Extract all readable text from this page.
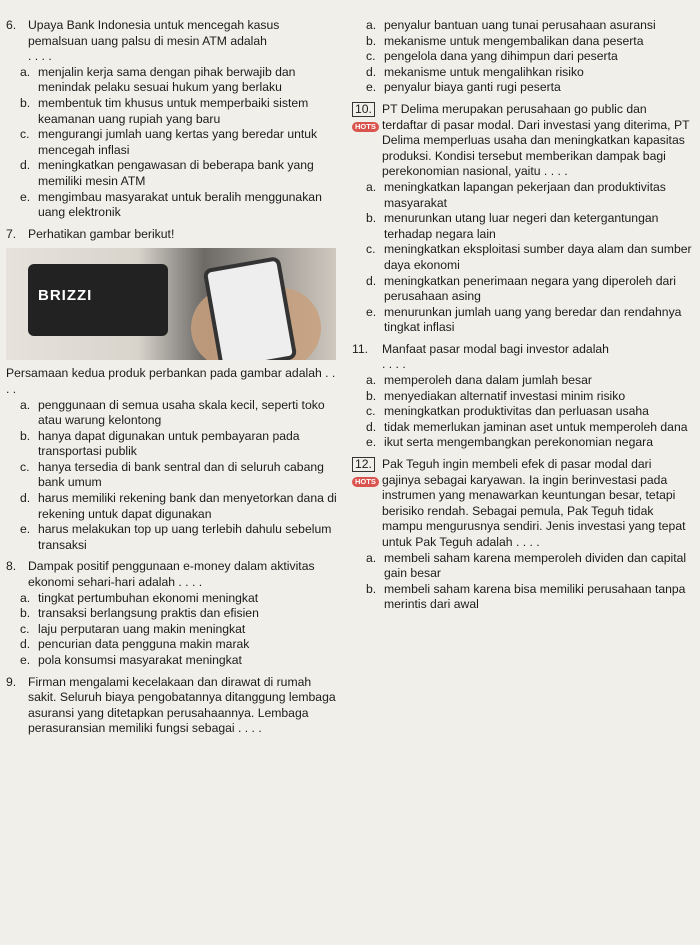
6. Upaya Bank Indonesia untuk mencegah kasus pemalsuan uang palsu di mesin ATM adalah
. . . .
a. menjalin kerja sama dengan pihak berwajib dan menindak pelaku sesuai hukum yang berlaku
b. membentuk tim khusus untuk memperbaiki sistem keamanan uang rupiah yang baru
c. mengurangi jumlah uang kertas yang beredar untuk mencegah inflasi
d. meningkatkan pengawasan di beberapa bank yang memiliki mesin ATM
e. mengimbau masyarakat untuk beralih menggunakan uang elektronik
7. Perhatikan gambar berikut!
BRIZZI
Persamaan kedua produk perbankan pada gambar adalah . . . .
a. penggunaan di semua usaha skala kecil, seperti toko atau warung kelontong
b. hanya dapat digunakan untuk pembayaran pada transportasi publik
c. hanya tersedia di bank sentral dan di seluruh cabang bank umum
d. harus memiliki rekening bank dan menyetorkan dana di rekening untuk dapat digunakan
e. harus melakukan top up uang terlebih dahulu sebelum transaksi
8. Dampak positif penggunaan e-money dalam aktivitas ekonomi sehari-hari adalah . . . .
a. tingkat pertumbuhan ekonomi meningkat
b. transaksi berlangsung praktis dan efisien
c. laju perputaran uang makin meningkat
d. pencurian data pengguna makin marak
e. pola konsumsi masyarakat meningkat
9. Firman mengalami kecelakaan dan dirawat di rumah sakit. Seluruh biaya pengobatannya ditanggung lembaga asuransi yang ditetapkan perusahaannya. Lembaga perasuransian memiliki fungsi sebagai . . . .
a. penyalur bantuan uang tunai perusahaan asuransi
b. mekanisme untuk mengembalikan dana peserta
c. pengelola dana yang dihimpun dari peserta
d. mekanisme untuk mengalihkan risiko
e. penyalur biaya ganti rugi peserta
10.
HOTS
PT Delima merupakan perusahaan go public dan terdaftar di pasar modal. Dari investasi yang diterima, PT Delima memperluas usaha dan meningkatkan kapasitas produksi. Kondisi tersebut memberikan dampak bagi perekonomian nasional, yaitu . . . .
a. meningkatkan lapangan pekerjaan dan produktivitas masyarakat
b. menurunkan utang luar negeri dan ketergantungan terhadap negara lain
c. meningkatkan eksploitasi sumber daya alam dan sumber daya ekonomi
d. meningkatkan penerimaan negara yang diperoleh dari perusahaan asing
e. menurunkan jumlah uang yang beredar dan rendahnya tingkat inflasi
11.	Manfaat pasar modal bagi investor adalah
. . . .
a. memperoleh dana dalam jumlah besar
b. menyediakan alternatif investasi minim risiko
c. meningkatkan produktivitas dan perluasan usaha
d. tidak memerlukan jaminan aset untuk memperoleh dana
e. ikut serta mengembangkan perekonomian negara
12.
HOTS
Pak Teguh ingin membeli efek di pasar modal dari gajinya sebagai karyawan. Ia ingin berinvestasi pada instrumen yang menawarkan keuntungan besar, tetapi berisiko rendah. Sebagai pemula, Pak Teguh tidak mampu mengurusnya sendiri. Jenis investasi yang tepat untuk Pak Teguh adalah . . . .
a. membeli saham karena memperoleh dividen dan capital gain besar
b. membeli saham karena bisa memiliki perusahaan tanpa merintis dari awal
